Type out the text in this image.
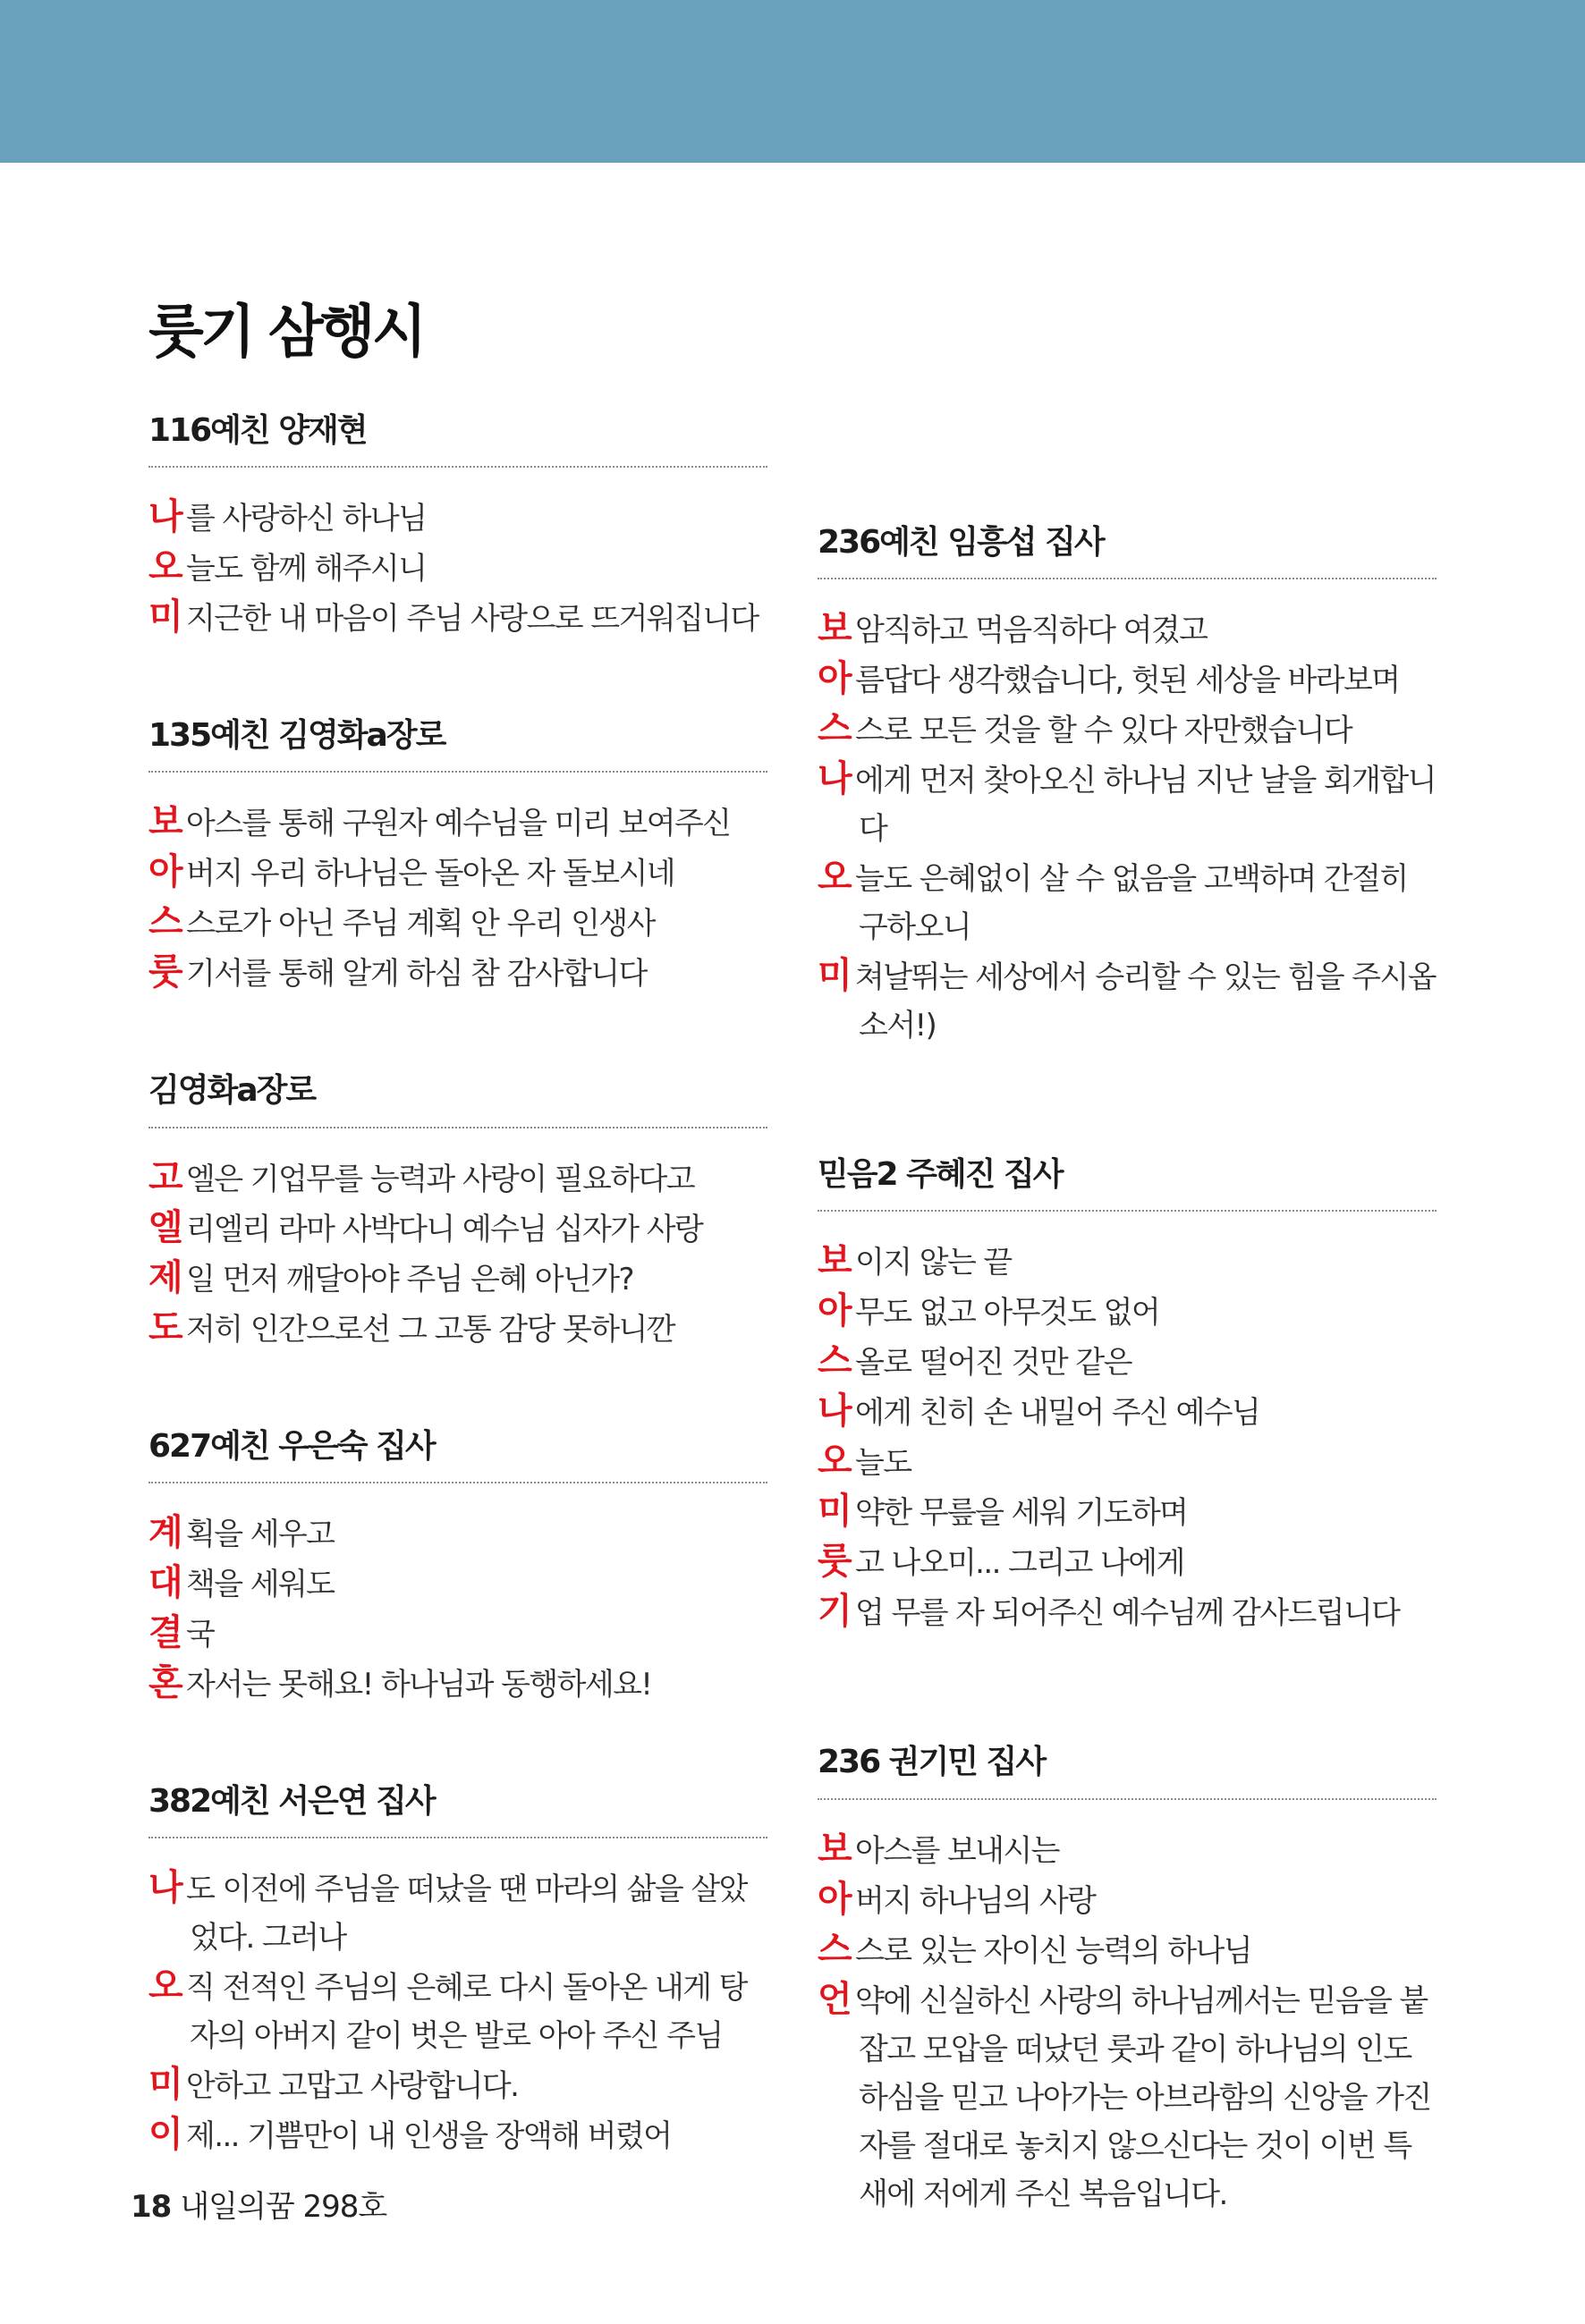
룻기 삼행시
116예친 양재현
나를 사랑하신 하나님
오늘도 함께 해주시니
미지근한 내 마음이 주님 사랑으로 뜨거워집니다
135예친 김영화a장로
보아스를 통해 구원자 예수님을 미리 보여주신
아버지 우리 하나님은 돌아온 자 돌보시네
스스로가 아닌 주님 계획 안 우리 인생사
룻기서를 통해 알게 하심 참 감사합니다
김영화a장로
고엘은 기업무를 능력과 사랑이 필요하다고
엘리엘리 라마 사박다니 예수님 십자가 사랑
제일 먼저 깨달아야 주님 은혜 아닌가?
도저히 인간으로선 그 고통 감당 못하니깐
627예친 우은숙 집사
계획을 세우고
대책을 세워도
결국
혼자서는 못해요! 하나님과 동행하세요!
382예친 서은연 집사
나도 이전에 주님을 떠났을 땐 마라의 삶을 살았었다. 그러나
오직 전적인 주님의 은혜로 다시 돌아온 내게 탕자의 아버지 같이 벗은 발로 아아 주신 주님
미안하고 고맙고 사랑합니다.
이제... 기쁨만이 내 인생을 장액해 버렸어
236예친 임흥섭 집사
보암직하고 먹음직하다 여겼고
아름답다 생각했습니다, 헛된 세상을 바라보며
스스로 모든 것을 할 수 있다 자만했습니다
나에게 먼저 찾아오신 하나님 지난 날을 회개합니다
오늘도 은혜없이 살 수 없음을 고백하며 간절히 구하오니
미쳐날뛰는 세상에서 승리할 수 있는 힘을 주시옵소서!)
믿음2 주혜진 집사
보이지 않는 끝
아무도 없고 아무것도 없어
스올로 떨어진 것만 같은
나에게 친히 손 내밀어 주신 예수님
오늘도
미약한 무릎을 세워 기도하며
룻고 나오미... 그리고 나에게
기업 무를 자 되어주신 예수님께 감사드립니다
236 권기민 집사
보아스를 보내시는
아버지 하나님의 사랑
스스로 있는 자이신 능력의 하나님
언약에 신실하신 사랑의 하나님께서는 믿음을 붙잡고 모압을 떠났던 룻과 같이 하나님의 인도하심을 믿고 나아가는 아브라함의 신앙을 가진 자를 절대로 놓치지 않으신다는 것이 이번 특새에 저에게 주신 복음입니다.
18 내일의꿈 298호
